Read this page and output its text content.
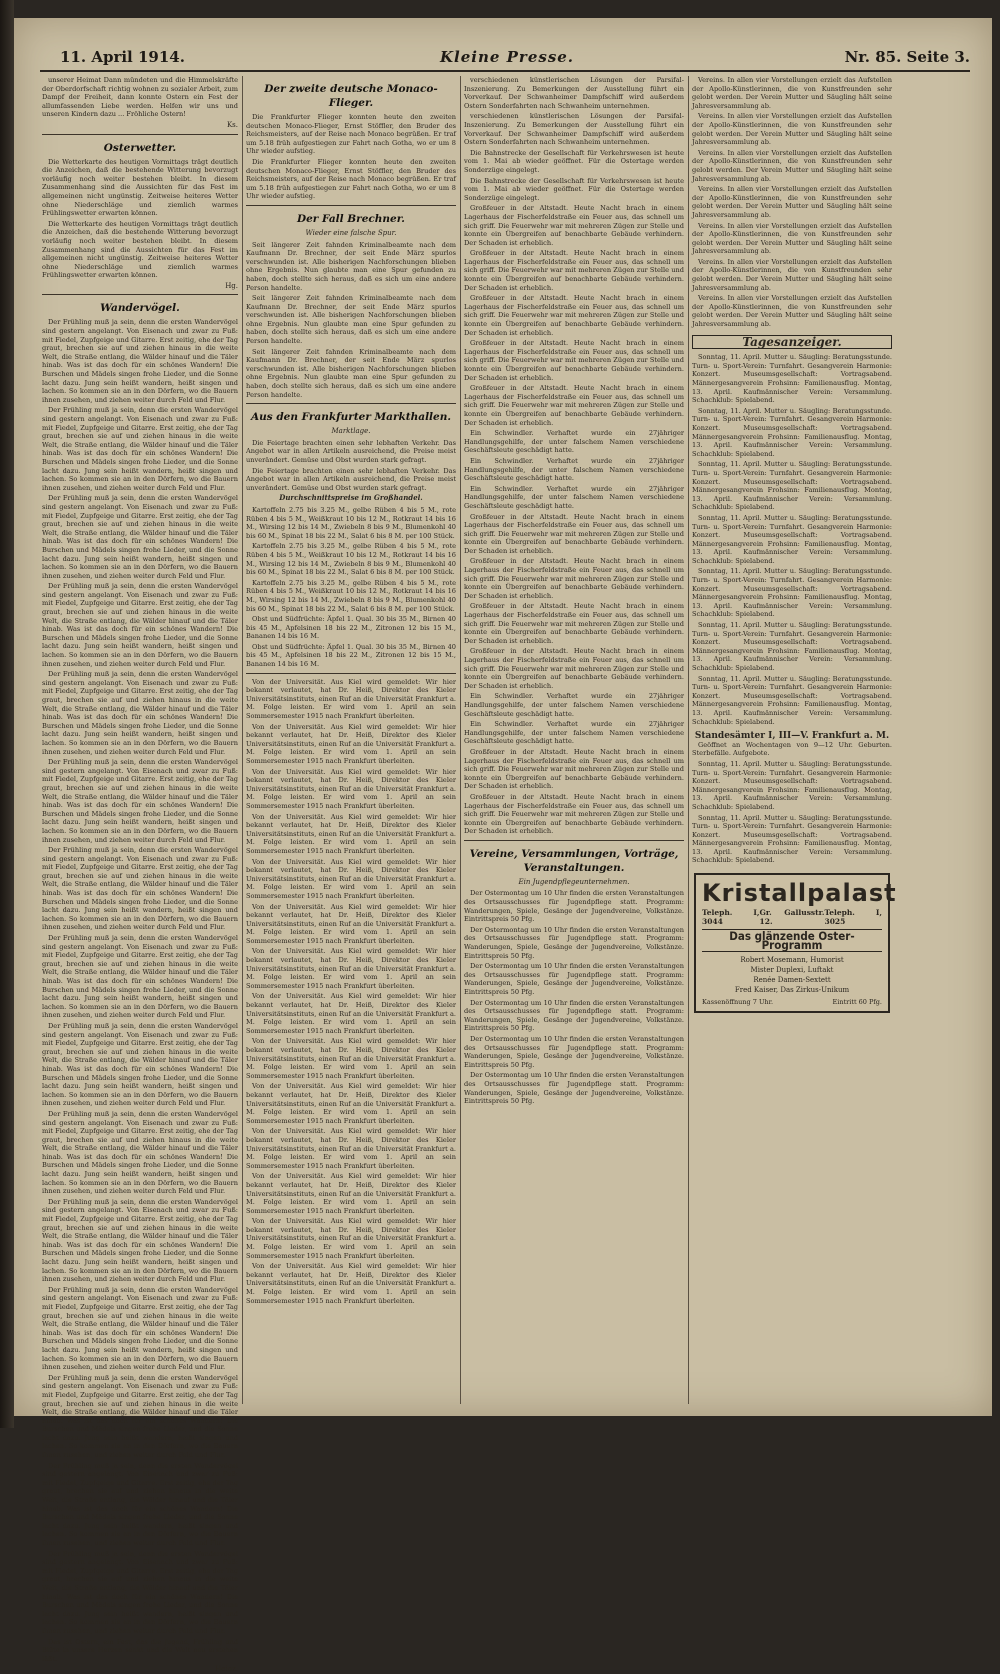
11. April 1914.	Kleine Presse.	Nr. 85. Seite 3.

unserer Heimat Dann mündeten und die Himmelskräfte der Oberdorfschaft richtig wohnen zu sozialer Arbeit, zum Dampf der Freiheit, dann konnte Ostern ein Fest der allumfassenden Liebe werden. Helfen wir uns und unseren Kindern dazu ... Fröhliche Ostern!

Ks.
Osterwetter.

Die Wetterkarte des heutigen Vormittags trägt deutlich die Anzeichen, daß die bestehende Witterung bevorzugt vorläufig noch weiter bestehen bleibt. In diesem Zusammenhang sind die Aussichten für das Fest im allgemeinen nicht ungünstig. Zeitweise heiteres Wetter ohne Niederschläge und ziemlich warmes Frühlingswetter erwarten können.

Die Wetterkarte des heutigen Vormittags trägt deutlich die Anzeichen, daß die bestehende Witterung bevorzugt vorläufig noch weiter bestehen bleibt. In diesem Zusammenhang sind die Aussichten für das Fest im allgemeinen nicht ungünstig. Zeitweise heiteres Wetter ohne Niederschläge und ziemlich warmes Frühlingswetter erwarten können.

Hg.
Wandervögel.

Der Frühling muß ja sein, denn die ersten Wandervögel sind gestern angelangt. Von Eisenach und zwar zu Fuß: mit Fiedel, Zupfgeige und Gitarre. Erst zeitig, ehe der Tag graut, brechen sie auf und ziehen hinaus in die weite Welt, die Straße entlang, die Wälder hinauf und die Täler hinab. Was ist das doch für ein schönes Wandern! Die Burschen und Mädels singen frohe Lieder, und die Sonne lacht dazu. Jung sein heißt wandern, heißt singen und lachen. So kommen sie an in den Dörfern, wo die Bauern ihnen zusehen, und ziehen weiter durch Feld und Flur.

Der Frühling muß ja sein, denn die ersten Wandervögel sind gestern angelangt. Von Eisenach und zwar zu Fuß: mit Fiedel, Zupfgeige und Gitarre. Erst zeitig, ehe der Tag graut, brechen sie auf und ziehen hinaus in die weite Welt, die Straße entlang, die Wälder hinauf und die Täler hinab. Was ist das doch für ein schönes Wandern! Die Burschen und Mädels singen frohe Lieder, und die Sonne lacht dazu. Jung sein heißt wandern, heißt singen und lachen. So kommen sie an in den Dörfern, wo die Bauern ihnen zusehen, und ziehen weiter durch Feld und Flur.

Der Frühling muß ja sein, denn die ersten Wandervögel sind gestern angelangt. Von Eisenach und zwar zu Fuß: mit Fiedel, Zupfgeige und Gitarre. Erst zeitig, ehe der Tag graut, brechen sie auf und ziehen hinaus in die weite Welt, die Straße entlang, die Wälder hinauf und die Täler hinab. Was ist das doch für ein schönes Wandern! Die Burschen und Mädels singen frohe Lieder, und die Sonne lacht dazu. Jung sein heißt wandern, heißt singen und lachen. So kommen sie an in den Dörfern, wo die Bauern ihnen zusehen, und ziehen weiter durch Feld und Flur.

Der Frühling muß ja sein, denn die ersten Wandervögel sind gestern angelangt. Von Eisenach und zwar zu Fuß: mit Fiedel, Zupfgeige und Gitarre. Erst zeitig, ehe der Tag graut, brechen sie auf und ziehen hinaus in die weite Welt, die Straße entlang, die Wälder hinauf und die Täler hinab. Was ist das doch für ein schönes Wandern! Die Burschen und Mädels singen frohe Lieder, und die Sonne lacht dazu. Jung sein heißt wandern, heißt singen und lachen. So kommen sie an in den Dörfern, wo die Bauern ihnen zusehen, und ziehen weiter durch Feld und Flur.

Der Frühling muß ja sein, denn die ersten Wandervögel sind gestern angelangt. Von Eisenach und zwar zu Fuß: mit Fiedel, Zupfgeige und Gitarre. Erst zeitig, ehe der Tag graut, brechen sie auf und ziehen hinaus in die weite Welt, die Straße entlang, die Wälder hinauf und die Täler hinab. Was ist das doch für ein schönes Wandern! Die Burschen und Mädels singen frohe Lieder, und die Sonne lacht dazu. Jung sein heißt wandern, heißt singen und lachen. So kommen sie an in den Dörfern, wo die Bauern ihnen zusehen, und ziehen weiter durch Feld und Flur.

Der Frühling muß ja sein, denn die ersten Wandervögel sind gestern angelangt. Von Eisenach und zwar zu Fuß: mit Fiedel, Zupfgeige und Gitarre. Erst zeitig, ehe der Tag graut, brechen sie auf und ziehen hinaus in die weite Welt, die Straße entlang, die Wälder hinauf und die Täler hinab. Was ist das doch für ein schönes Wandern! Die Burschen und Mädels singen frohe Lieder, und die Sonne lacht dazu. Jung sein heißt wandern, heißt singen und lachen. So kommen sie an in den Dörfern, wo die Bauern ihnen zusehen, und ziehen weiter durch Feld und Flur.

Der Frühling muß ja sein, denn die ersten Wandervögel sind gestern angelangt. Von Eisenach und zwar zu Fuß: mit Fiedel, Zupfgeige und Gitarre. Erst zeitig, ehe der Tag graut, brechen sie auf und ziehen hinaus in die weite Welt, die Straße entlang, die Wälder hinauf und die Täler hinab. Was ist das doch für ein schönes Wandern! Die Burschen und Mädels singen frohe Lieder, und die Sonne lacht dazu. Jung sein heißt wandern, heißt singen und lachen. So kommen sie an in den Dörfern, wo die Bauern ihnen zusehen, und ziehen weiter durch Feld und Flur.

Der Frühling muß ja sein, denn die ersten Wandervögel sind gestern angelangt. Von Eisenach und zwar zu Fuß: mit Fiedel, Zupfgeige und Gitarre. Erst zeitig, ehe der Tag graut, brechen sie auf und ziehen hinaus in die weite Welt, die Straße entlang, die Wälder hinauf und die Täler hinab. Was ist das doch für ein schönes Wandern! Die Burschen und Mädels singen frohe Lieder, und die Sonne lacht dazu. Jung sein heißt wandern, heißt singen und lachen. So kommen sie an in den Dörfern, wo die Bauern ihnen zusehen, und ziehen weiter durch Feld und Flur.

Der Frühling muß ja sein, denn die ersten Wandervögel sind gestern angelangt. Von Eisenach und zwar zu Fuß: mit Fiedel, Zupfgeige und Gitarre. Erst zeitig, ehe der Tag graut, brechen sie auf und ziehen hinaus in die weite Welt, die Straße entlang, die Wälder hinauf und die Täler hinab. Was ist das doch für ein schönes Wandern! Die Burschen und Mädels singen frohe Lieder, und die Sonne lacht dazu. Jung sein heißt wandern, heißt singen und lachen. So kommen sie an in den Dörfern, wo die Bauern ihnen zusehen, und ziehen weiter durch Feld und Flur.

Der Frühling muß ja sein, denn die ersten Wandervögel sind gestern angelangt. Von Eisenach und zwar zu Fuß: mit Fiedel, Zupfgeige und Gitarre. Erst zeitig, ehe der Tag graut, brechen sie auf und ziehen hinaus in die weite Welt, die Straße entlang, die Wälder hinauf und die Täler hinab. Was ist das doch für ein schönes Wandern! Die Burschen und Mädels singen frohe Lieder, und die Sonne lacht dazu. Jung sein heißt wandern, heißt singen und lachen. So kommen sie an in den Dörfern, wo die Bauern ihnen zusehen, und ziehen weiter durch Feld und Flur.

Der Frühling muß ja sein, denn die ersten Wandervögel sind gestern angelangt. Von Eisenach und zwar zu Fuß: mit Fiedel, Zupfgeige und Gitarre. Erst zeitig, ehe der Tag graut, brechen sie auf und ziehen hinaus in die weite Welt, die Straße entlang, die Wälder hinauf und die Täler hinab. Was ist das doch für ein schönes Wandern! Die Burschen und Mädels singen frohe Lieder, und die Sonne lacht dazu. Jung sein heißt wandern, heißt singen und lachen. So kommen sie an in den Dörfern, wo die Bauern ihnen zusehen, und ziehen weiter durch Feld und Flur.

Der Frühling muß ja sein, denn die ersten Wandervögel sind gestern angelangt. Von Eisenach und zwar zu Fuß: mit Fiedel, Zupfgeige und Gitarre. Erst zeitig, ehe der Tag graut, brechen sie auf und ziehen hinaus in die weite Welt, die Straße entlang, die Wälder hinauf und die Täler hinab. Was ist das doch für ein schönes Wandern! Die Burschen und Mädels singen frohe Lieder, und die Sonne lacht dazu. Jung sein heißt wandern, heißt singen und lachen. So kommen sie an in den Dörfern, wo die Bauern ihnen zusehen, und ziehen weiter durch Feld und Flur.

Der Frühling muß ja sein, denn die ersten Wandervögel sind gestern angelangt. Von Eisenach und zwar zu Fuß: mit Fiedel, Zupfgeige und Gitarre. Erst zeitig, ehe der Tag graut, brechen sie auf und ziehen hinaus in die weite Welt, die Straße entlang, die Wälder hinauf und die Täler hinab. Was ist das doch für ein schönes Wandern! Die Burschen und Mädels singen frohe Lieder, und die Sonne lacht dazu. Jung sein heißt wandern, heißt singen und lachen. So kommen sie an in den Dörfern, wo die Bauern ihnen zusehen, und ziehen weiter durch Feld und Flur.

Der Frühling muß ja sein, denn die ersten Wandervögel sind gestern angelangt. Von Eisenach und zwar zu Fuß: mit Fiedel, Zupfgeige und Gitarre. Erst zeitig, ehe der Tag graut, brechen sie auf und ziehen hinaus in die weite Welt, die Straße entlang, die Wälder hinauf und die Täler hinab. Was ist das doch für ein schönes Wandern! Die Burschen und Mädels singen frohe Lieder, und die Sonne lacht dazu. Jung sein heißt wandern, heißt singen und lachen. So kommen sie an in den Dörfern, wo die Bauern ihnen zusehen, und ziehen weiter durch Feld und Flur.

Der Frühling muß ja sein, denn die ersten Wandervögel sind gestern angelangt. Von Eisenach und zwar zu Fuß: mit Fiedel, Zupfgeige und Gitarre. Erst zeitig, ehe der Tag graut, brechen sie auf und ziehen hinaus in die weite Welt, die Straße entlang, die Wälder hinauf und die Täler hinab. Was ist das doch für ein schönes Wandern! Die Burschen und Mädels singen frohe Lieder, und die Sonne lacht dazu. Jung sein heißt wandern, heißt singen und lachen. So kommen sie an in den Dörfern, wo die Bauern ihnen zusehen, und ziehen weiter durch Feld und Flur.

Das ist Ostern, ein Fest, das die Jugend, Frühling und Blüte in unsere Herzen senkt und die Welt neu erstehen läßt.

Heinz.
Der zweite deutsche Monaco-Flieger.

Die Frankfurter Flieger konnten heute den zweiten deutschen Monaco-Flieger, Ernst Stöffler, den Bruder des Reichsmeisters, auf der Reise nach Monaco begrüßen. Er traf um 5.18 früh aufgestiegen zur Fahrt nach Gotha, wo er um 8 Uhr wieder aufstieg.

Die Frankfurter Flieger konnten heute den zweiten deutschen Monaco-Flieger, Ernst Stöffler, den Bruder des Reichsmeisters, auf der Reise nach Monaco begrüßen. Er traf um 5.18 früh aufgestiegen zur Fahrt nach Gotha, wo er um 8 Uhr wieder aufstieg.

Der Fall Brechner.
Wieder eine falsche Spur.

Seit längerer Zeit fahnden Kriminalbeamte nach dem Kaufmann Dr. Brechner, der seit Ende März spurlos verschwunden ist. Alle bisherigen Nachforschungen blieben ohne Ergebnis. Nun glaubte man eine Spur gefunden zu haben, doch stellte sich heraus, daß es sich um eine andere Person handelte.

Seit längerer Zeit fahnden Kriminalbeamte nach dem Kaufmann Dr. Brechner, der seit Ende März spurlos verschwunden ist. Alle bisherigen Nachforschungen blieben ohne Ergebnis. Nun glaubte man eine Spur gefunden zu haben, doch stellte sich heraus, daß es sich um eine andere Person handelte.

Seit längerer Zeit fahnden Kriminalbeamte nach dem Kaufmann Dr. Brechner, der seit Ende März spurlos verschwunden ist. Alle bisherigen Nachforschungen blieben ohne Ergebnis. Nun glaubte man eine Spur gefunden zu haben, doch stellte sich heraus, daß es sich um eine andere Person handelte.

Aus den Frankfurter Markthallen.
Marktlage.

Die Feiertage brachten einen sehr lebhaften Verkehr. Das Angebot war in allen Artikeln ausreichend, die Preise meist unverändert. Gemüse und Obst wurden stark gefragt.

Die Feiertage brachten einen sehr lebhaften Verkehr. Das Angebot war in allen Artikeln ausreichend, die Preise meist unverändert. Gemüse und Obst wurden stark gefragt.

Durchschnittspreise im Großhandel.

Kartoffeln 2.75 bis 3.25 M., gelbe Rüben 4 bis 5 M., rote Rüben 4 bis 5 M., Weißkraut 10 bis 12 M., Rotkraut 14 bis 16 M., Wirsing 12 bis 14 M., Zwiebeln 8 bis 9 M., Blumenkohl 40 bis 60 M., Spinat 18 bis 22 M., Salat 6 bis 8 M. per 100 Stück.

Kartoffeln 2.75 bis 3.25 M., gelbe Rüben 4 bis 5 M., rote Rüben 4 bis 5 M., Weißkraut 10 bis 12 M., Rotkraut 14 bis 16 M., Wirsing 12 bis 14 M., Zwiebeln 8 bis 9 M., Blumenkohl 40 bis 60 M., Spinat 18 bis 22 M., Salat 6 bis 8 M. per 100 Stück.

Kartoffeln 2.75 bis 3.25 M., gelbe Rüben 4 bis 5 M., rote Rüben 4 bis 5 M., Weißkraut 10 bis 12 M., Rotkraut 14 bis 16 M., Wirsing 12 bis 14 M., Zwiebeln 8 bis 9 M., Blumenkohl 40 bis 60 M., Spinat 18 bis 22 M., Salat 6 bis 8 M. per 100 Stück.

Obst und Südfrüchte: Äpfel 1. Qual. 30 bis 35 M., Birnen 40 bis 45 M., Apfelsinen 18 bis 22 M., Zitronen 12 bis 15 M., Bananen 14 bis 16 M.

Obst und Südfrüchte: Äpfel 1. Qual. 30 bis 35 M., Birnen 40 bis 45 M., Apfelsinen 18 bis 22 M., Zitronen 12 bis 15 M., Bananen 14 bis 16 M.

Von der Universität. Aus Kiel wird gemeldet: Wir hier bekannt verlautet, hat Dr. Heiß, Direktor des Kieler Universitätsinstituts, einen Ruf an die Universität Frankfurt a. M. Folge leisten. Er wird vom 1. April an sein Sommersemester 1915 nach Frankfurt überleiten.

Von der Universität. Aus Kiel wird gemeldet: Wir hier bekannt verlautet, hat Dr. Heiß, Direktor des Kieler Universitätsinstituts, einen Ruf an die Universität Frankfurt a. M. Folge leisten. Er wird vom 1. April an sein Sommersemester 1915 nach Frankfurt überleiten.

Von der Universität. Aus Kiel wird gemeldet: Wir hier bekannt verlautet, hat Dr. Heiß, Direktor des Kieler Universitätsinstituts, einen Ruf an die Universität Frankfurt a. M. Folge leisten. Er wird vom 1. April an sein Sommersemester 1915 nach Frankfurt überleiten.

Von der Universität. Aus Kiel wird gemeldet: Wir hier bekannt verlautet, hat Dr. Heiß, Direktor des Kieler Universitätsinstituts, einen Ruf an die Universität Frankfurt a. M. Folge leisten. Er wird vom 1. April an sein Sommersemester 1915 nach Frankfurt überleiten.

Von der Universität. Aus Kiel wird gemeldet: Wir hier bekannt verlautet, hat Dr. Heiß, Direktor des Kieler Universitätsinstituts, einen Ruf an die Universität Frankfurt a. M. Folge leisten. Er wird vom 1. April an sein Sommersemester 1915 nach Frankfurt überleiten.

Von der Universität. Aus Kiel wird gemeldet: Wir hier bekannt verlautet, hat Dr. Heiß, Direktor des Kieler Universitätsinstituts, einen Ruf an die Universität Frankfurt a. M. Folge leisten. Er wird vom 1. April an sein Sommersemester 1915 nach Frankfurt überleiten.

Von der Universität. Aus Kiel wird gemeldet: Wir hier bekannt verlautet, hat Dr. Heiß, Direktor des Kieler Universitätsinstituts, einen Ruf an die Universität Frankfurt a. M. Folge leisten. Er wird vom 1. April an sein Sommersemester 1915 nach Frankfurt überleiten.

Von der Universität. Aus Kiel wird gemeldet: Wir hier bekannt verlautet, hat Dr. Heiß, Direktor des Kieler Universitätsinstituts, einen Ruf an die Universität Frankfurt a. M. Folge leisten. Er wird vom 1. April an sein Sommersemester 1915 nach Frankfurt überleiten.

Von der Universität. Aus Kiel wird gemeldet: Wir hier bekannt verlautet, hat Dr. Heiß, Direktor des Kieler Universitätsinstituts, einen Ruf an die Universität Frankfurt a. M. Folge leisten. Er wird vom 1. April an sein Sommersemester 1915 nach Frankfurt überleiten.

Von der Universität. Aus Kiel wird gemeldet: Wir hier bekannt verlautet, hat Dr. Heiß, Direktor des Kieler Universitätsinstituts, einen Ruf an die Universität Frankfurt a. M. Folge leisten. Er wird vom 1. April an sein Sommersemester 1915 nach Frankfurt überleiten.

Von der Universität. Aus Kiel wird gemeldet: Wir hier bekannt verlautet, hat Dr. Heiß, Direktor des Kieler Universitätsinstituts, einen Ruf an die Universität Frankfurt a. M. Folge leisten. Er wird vom 1. April an sein Sommersemester 1915 nach Frankfurt überleiten.

Von der Universität. Aus Kiel wird gemeldet: Wir hier bekannt verlautet, hat Dr. Heiß, Direktor des Kieler Universitätsinstituts, einen Ruf an die Universität Frankfurt a. M. Folge leisten. Er wird vom 1. April an sein Sommersemester 1915 nach Frankfurt überleiten.

Von der Universität. Aus Kiel wird gemeldet: Wir hier bekannt verlautet, hat Dr. Heiß, Direktor des Kieler Universitätsinstituts, einen Ruf an die Universität Frankfurt a. M. Folge leisten. Er wird vom 1. April an sein Sommersemester 1915 nach Frankfurt überleiten.

Von der Universität. Aus Kiel wird gemeldet: Wir hier bekannt verlautet, hat Dr. Heiß, Direktor des Kieler Universitätsinstituts, einen Ruf an die Universität Frankfurt a. M. Folge leisten. Er wird vom 1. April an sein Sommersemester 1915 nach Frankfurt überleiten.

verschiedenen künstlerischen Lösungen der Parsifal-Inszenierung. Zu Bemerkungen der Ausstellung führt ein Vorverkauf. Der Schwanheimer Dampfschiff wird außerdem Ostern Sonderfahrten nach Schwanheim unternehmen.

verschiedenen künstlerischen Lösungen der Parsifal-Inszenierung. Zu Bemerkungen der Ausstellung führt ein Vorverkauf. Der Schwanheimer Dampfschiff wird außerdem Ostern Sonderfahrten nach Schwanheim unternehmen.

Die Bahnstrecke der Gesellschaft für Verkehrswesen ist heute vom 1. Mai ab wieder geöffnet. Für die Ostertage werden Sonderzüge eingelegt.

Die Bahnstrecke der Gesellschaft für Verkehrswesen ist heute vom 1. Mai ab wieder geöffnet. Für die Ostertage werden Sonderzüge eingelegt.

Großfeuer in der Altstadt. Heute Nacht brach in einem Lagerhaus der Fischerfeldstraße ein Feuer aus, das schnell um sich griff. Die Feuerwehr war mit mehreren Zügen zur Stelle und konnte ein Übergreifen auf benachbarte Gebäude verhindern. Der Schaden ist erheblich.

Großfeuer in der Altstadt. Heute Nacht brach in einem Lagerhaus der Fischerfeldstraße ein Feuer aus, das schnell um sich griff. Die Feuerwehr war mit mehreren Zügen zur Stelle und konnte ein Übergreifen auf benachbarte Gebäude verhindern. Der Schaden ist erheblich.

Großfeuer in der Altstadt. Heute Nacht brach in einem Lagerhaus der Fischerfeldstraße ein Feuer aus, das schnell um sich griff. Die Feuerwehr war mit mehreren Zügen zur Stelle und konnte ein Übergreifen auf benachbarte Gebäude verhindern. Der Schaden ist erheblich.

Großfeuer in der Altstadt. Heute Nacht brach in einem Lagerhaus der Fischerfeldstraße ein Feuer aus, das schnell um sich griff. Die Feuerwehr war mit mehreren Zügen zur Stelle und konnte ein Übergreifen auf benachbarte Gebäude verhindern. Der Schaden ist erheblich.

Großfeuer in der Altstadt. Heute Nacht brach in einem Lagerhaus der Fischerfeldstraße ein Feuer aus, das schnell um sich griff. Die Feuerwehr war mit mehreren Zügen zur Stelle und konnte ein Übergreifen auf benachbarte Gebäude verhindern. Der Schaden ist erheblich.

Ein Schwindler. Verhaftet wurde ein 27jähriger Handlungsgehilfe, der unter falschem Namen verschiedene Geschäftsleute geschädigt hatte.

Ein Schwindler. Verhaftet wurde ein 27jähriger Handlungsgehilfe, der unter falschem Namen verschiedene Geschäftsleute geschädigt hatte.

Ein Schwindler. Verhaftet wurde ein 27jähriger Handlungsgehilfe, der unter falschem Namen verschiedene Geschäftsleute geschädigt hatte.

Großfeuer in der Altstadt. Heute Nacht brach in einem Lagerhaus der Fischerfeldstraße ein Feuer aus, das schnell um sich griff. Die Feuerwehr war mit mehreren Zügen zur Stelle und konnte ein Übergreifen auf benachbarte Gebäude verhindern. Der Schaden ist erheblich.

Großfeuer in der Altstadt. Heute Nacht brach in einem Lagerhaus der Fischerfeldstraße ein Feuer aus, das schnell um sich griff. Die Feuerwehr war mit mehreren Zügen zur Stelle und konnte ein Übergreifen auf benachbarte Gebäude verhindern. Der Schaden ist erheblich.

Großfeuer in der Altstadt. Heute Nacht brach in einem Lagerhaus der Fischerfeldstraße ein Feuer aus, das schnell um sich griff. Die Feuerwehr war mit mehreren Zügen zur Stelle und konnte ein Übergreifen auf benachbarte Gebäude verhindern. Der Schaden ist erheblich.

Großfeuer in der Altstadt. Heute Nacht brach in einem Lagerhaus der Fischerfeldstraße ein Feuer aus, das schnell um sich griff. Die Feuerwehr war mit mehreren Zügen zur Stelle und konnte ein Übergreifen auf benachbarte Gebäude verhindern. Der Schaden ist erheblich.

Ein Schwindler. Verhaftet wurde ein 27jähriger Handlungsgehilfe, der unter falschem Namen verschiedene Geschäftsleute geschädigt hatte.

Ein Schwindler. Verhaftet wurde ein 27jähriger Handlungsgehilfe, der unter falschem Namen verschiedene Geschäftsleute geschädigt hatte.

Großfeuer in der Altstadt. Heute Nacht brach in einem Lagerhaus der Fischerfeldstraße ein Feuer aus, das schnell um sich griff. Die Feuerwehr war mit mehreren Zügen zur Stelle und konnte ein Übergreifen auf benachbarte Gebäude verhindern. Der Schaden ist erheblich.

Großfeuer in der Altstadt. Heute Nacht brach in einem Lagerhaus der Fischerfeldstraße ein Feuer aus, das schnell um sich griff. Die Feuerwehr war mit mehreren Zügen zur Stelle und konnte ein Übergreifen auf benachbarte Gebäude verhindern. Der Schaden ist erheblich.

Vereine, Versammlungen, Vorträge, Veranstaltungen.
Ein Jugendpflegeunternehmen.

Der Ostermontag um 10 Uhr finden die ersten Veranstaltungen des Ortsausschusses für Jugendpflege statt. Programm: Wanderungen, Spiele, Gesänge der Jugendvereine, Volkstänze. Eintrittspreis 50 Pfg.

Der Ostermontag um 10 Uhr finden die ersten Veranstaltungen des Ortsausschusses für Jugendpflege statt. Programm: Wanderungen, Spiele, Gesänge der Jugendvereine, Volkstänze. Eintrittspreis 50 Pfg.

Der Ostermontag um 10 Uhr finden die ersten Veranstaltungen des Ortsausschusses für Jugendpflege statt. Programm: Wanderungen, Spiele, Gesänge der Jugendvereine, Volkstänze. Eintrittspreis 50 Pfg.

Der Ostermontag um 10 Uhr finden die ersten Veranstaltungen des Ortsausschusses für Jugendpflege statt. Programm: Wanderungen, Spiele, Gesänge der Jugendvereine, Volkstänze. Eintrittspreis 50 Pfg.

Der Ostermontag um 10 Uhr finden die ersten Veranstaltungen des Ortsausschusses für Jugendpflege statt. Programm: Wanderungen, Spiele, Gesänge der Jugendvereine, Volkstänze. Eintrittspreis 50 Pfg.

Der Ostermontag um 10 Uhr finden die ersten Veranstaltungen des Ortsausschusses für Jugendpflege statt. Programm: Wanderungen, Spiele, Gesänge der Jugendvereine, Volkstänze. Eintrittspreis 50 Pfg.

Vereins. In allen vier Vorstellungen erzielt das Aufstellen der Apollo-Künstlerinnen, die von Kunstfreunden sehr gelobt werden. Der Verein Mutter und Säugling hält seine Jahresversammlung ab.

Vereins. In allen vier Vorstellungen erzielt das Aufstellen der Apollo-Künstlerinnen, die von Kunstfreunden sehr gelobt werden. Der Verein Mutter und Säugling hält seine Jahresversammlung ab.

Vereins. In allen vier Vorstellungen erzielt das Aufstellen der Apollo-Künstlerinnen, die von Kunstfreunden sehr gelobt werden. Der Verein Mutter und Säugling hält seine Jahresversammlung ab.

Vereins. In allen vier Vorstellungen erzielt das Aufstellen der Apollo-Künstlerinnen, die von Kunstfreunden sehr gelobt werden. Der Verein Mutter und Säugling hält seine Jahresversammlung ab.

Vereins. In allen vier Vorstellungen erzielt das Aufstellen der Apollo-Künstlerinnen, die von Kunstfreunden sehr gelobt werden. Der Verein Mutter und Säugling hält seine Jahresversammlung ab.

Vereins. In allen vier Vorstellungen erzielt das Aufstellen der Apollo-Künstlerinnen, die von Kunstfreunden sehr gelobt werden. Der Verein Mutter und Säugling hält seine Jahresversammlung ab.

Vereins. In allen vier Vorstellungen erzielt das Aufstellen der Apollo-Künstlerinnen, die von Kunstfreunden sehr gelobt werden. Der Verein Mutter und Säugling hält seine Jahresversammlung ab.

Tagesanzeiger.

Sonntag, 11. April. Mutter u. Säugling: Beratungsstunde. Turn- u. Sport-Verein: Turnfahrt. Gesangverein Harmonie: Konzert. Museumsgesellschaft: Vortragsabend. Männergesangverein Frohsinn: Familienausflug. Montag, 13. April. Kaufmännischer Verein: Versammlung. Schachklub: Spielabend.

Sonntag, 11. April. Mutter u. Säugling: Beratungsstunde. Turn- u. Sport-Verein: Turnfahrt. Gesangverein Harmonie: Konzert. Museumsgesellschaft: Vortragsabend. Männergesangverein Frohsinn: Familienausflug. Montag, 13. April. Kaufmännischer Verein: Versammlung. Schachklub: Spielabend.

Sonntag, 11. April. Mutter u. Säugling: Beratungsstunde. Turn- u. Sport-Verein: Turnfahrt. Gesangverein Harmonie: Konzert. Museumsgesellschaft: Vortragsabend. Männergesangverein Frohsinn: Familienausflug. Montag, 13. April. Kaufmännischer Verein: Versammlung. Schachklub: Spielabend.

Sonntag, 11. April. Mutter u. Säugling: Beratungsstunde. Turn- u. Sport-Verein: Turnfahrt. Gesangverein Harmonie: Konzert. Museumsgesellschaft: Vortragsabend. Männergesangverein Frohsinn: Familienausflug. Montag, 13. April. Kaufmännischer Verein: Versammlung. Schachklub: Spielabend.

Sonntag, 11. April. Mutter u. Säugling: Beratungsstunde. Turn- u. Sport-Verein: Turnfahrt. Gesangverein Harmonie: Konzert. Museumsgesellschaft: Vortragsabend. Männergesangverein Frohsinn: Familienausflug. Montag, 13. April. Kaufmännischer Verein: Versammlung. Schachklub: Spielabend.

Sonntag, 11. April. Mutter u. Säugling: Beratungsstunde. Turn- u. Sport-Verein: Turnfahrt. Gesangverein Harmonie: Konzert. Museumsgesellschaft: Vortragsabend. Männergesangverein Frohsinn: Familienausflug. Montag, 13. April. Kaufmännischer Verein: Versammlung. Schachklub: Spielabend.

Sonntag, 11. April. Mutter u. Säugling: Beratungsstunde. Turn- u. Sport-Verein: Turnfahrt. Gesangverein Harmonie: Konzert. Museumsgesellschaft: Vortragsabend. Männergesangverein Frohsinn: Familienausflug. Montag, 13. April. Kaufmännischer Verein: Versammlung. Schachklub: Spielabend.

Standesämter I, III—V. Frankfurt a. M.

Geöffnet an Wochentagen von 9—12 Uhr. Geburten. Sterbefälle. Aufgebote.

Sonntag, 11. April. Mutter u. Säugling: Beratungsstunde. Turn- u. Sport-Verein: Turnfahrt. Gesangverein Harmonie: Konzert. Museumsgesellschaft: Vortragsabend. Männergesangverein Frohsinn: Familienausflug. Montag, 13. April. Kaufmännischer Verein: Versammlung. Schachklub: Spielabend.

Sonntag, 11. April. Mutter u. Säugling: Beratungsstunde. Turn- u. Sport-Verein: Turnfahrt. Gesangverein Harmonie: Konzert. Museumsgesellschaft: Vortragsabend. Männergesangverein Frohsinn: Familienausflug. Montag, 13. April. Kaufmännischer Verein: Versammlung. Schachklub: Spielabend.

Kristallpalast
Teleph. I, 3044
Gr. Gallusstr. 12.
Teleph. I, 3025
Das glänzende Oster-Programm
Robert Mosemann, Humorist
Mister Duplexi, Luftakt
Renée Damen-Sextett
Fred Kaiser, Das Zirkus-Unikum
Kassenöffnung 7 Uhr.	Eintritt 60 Pfg.
